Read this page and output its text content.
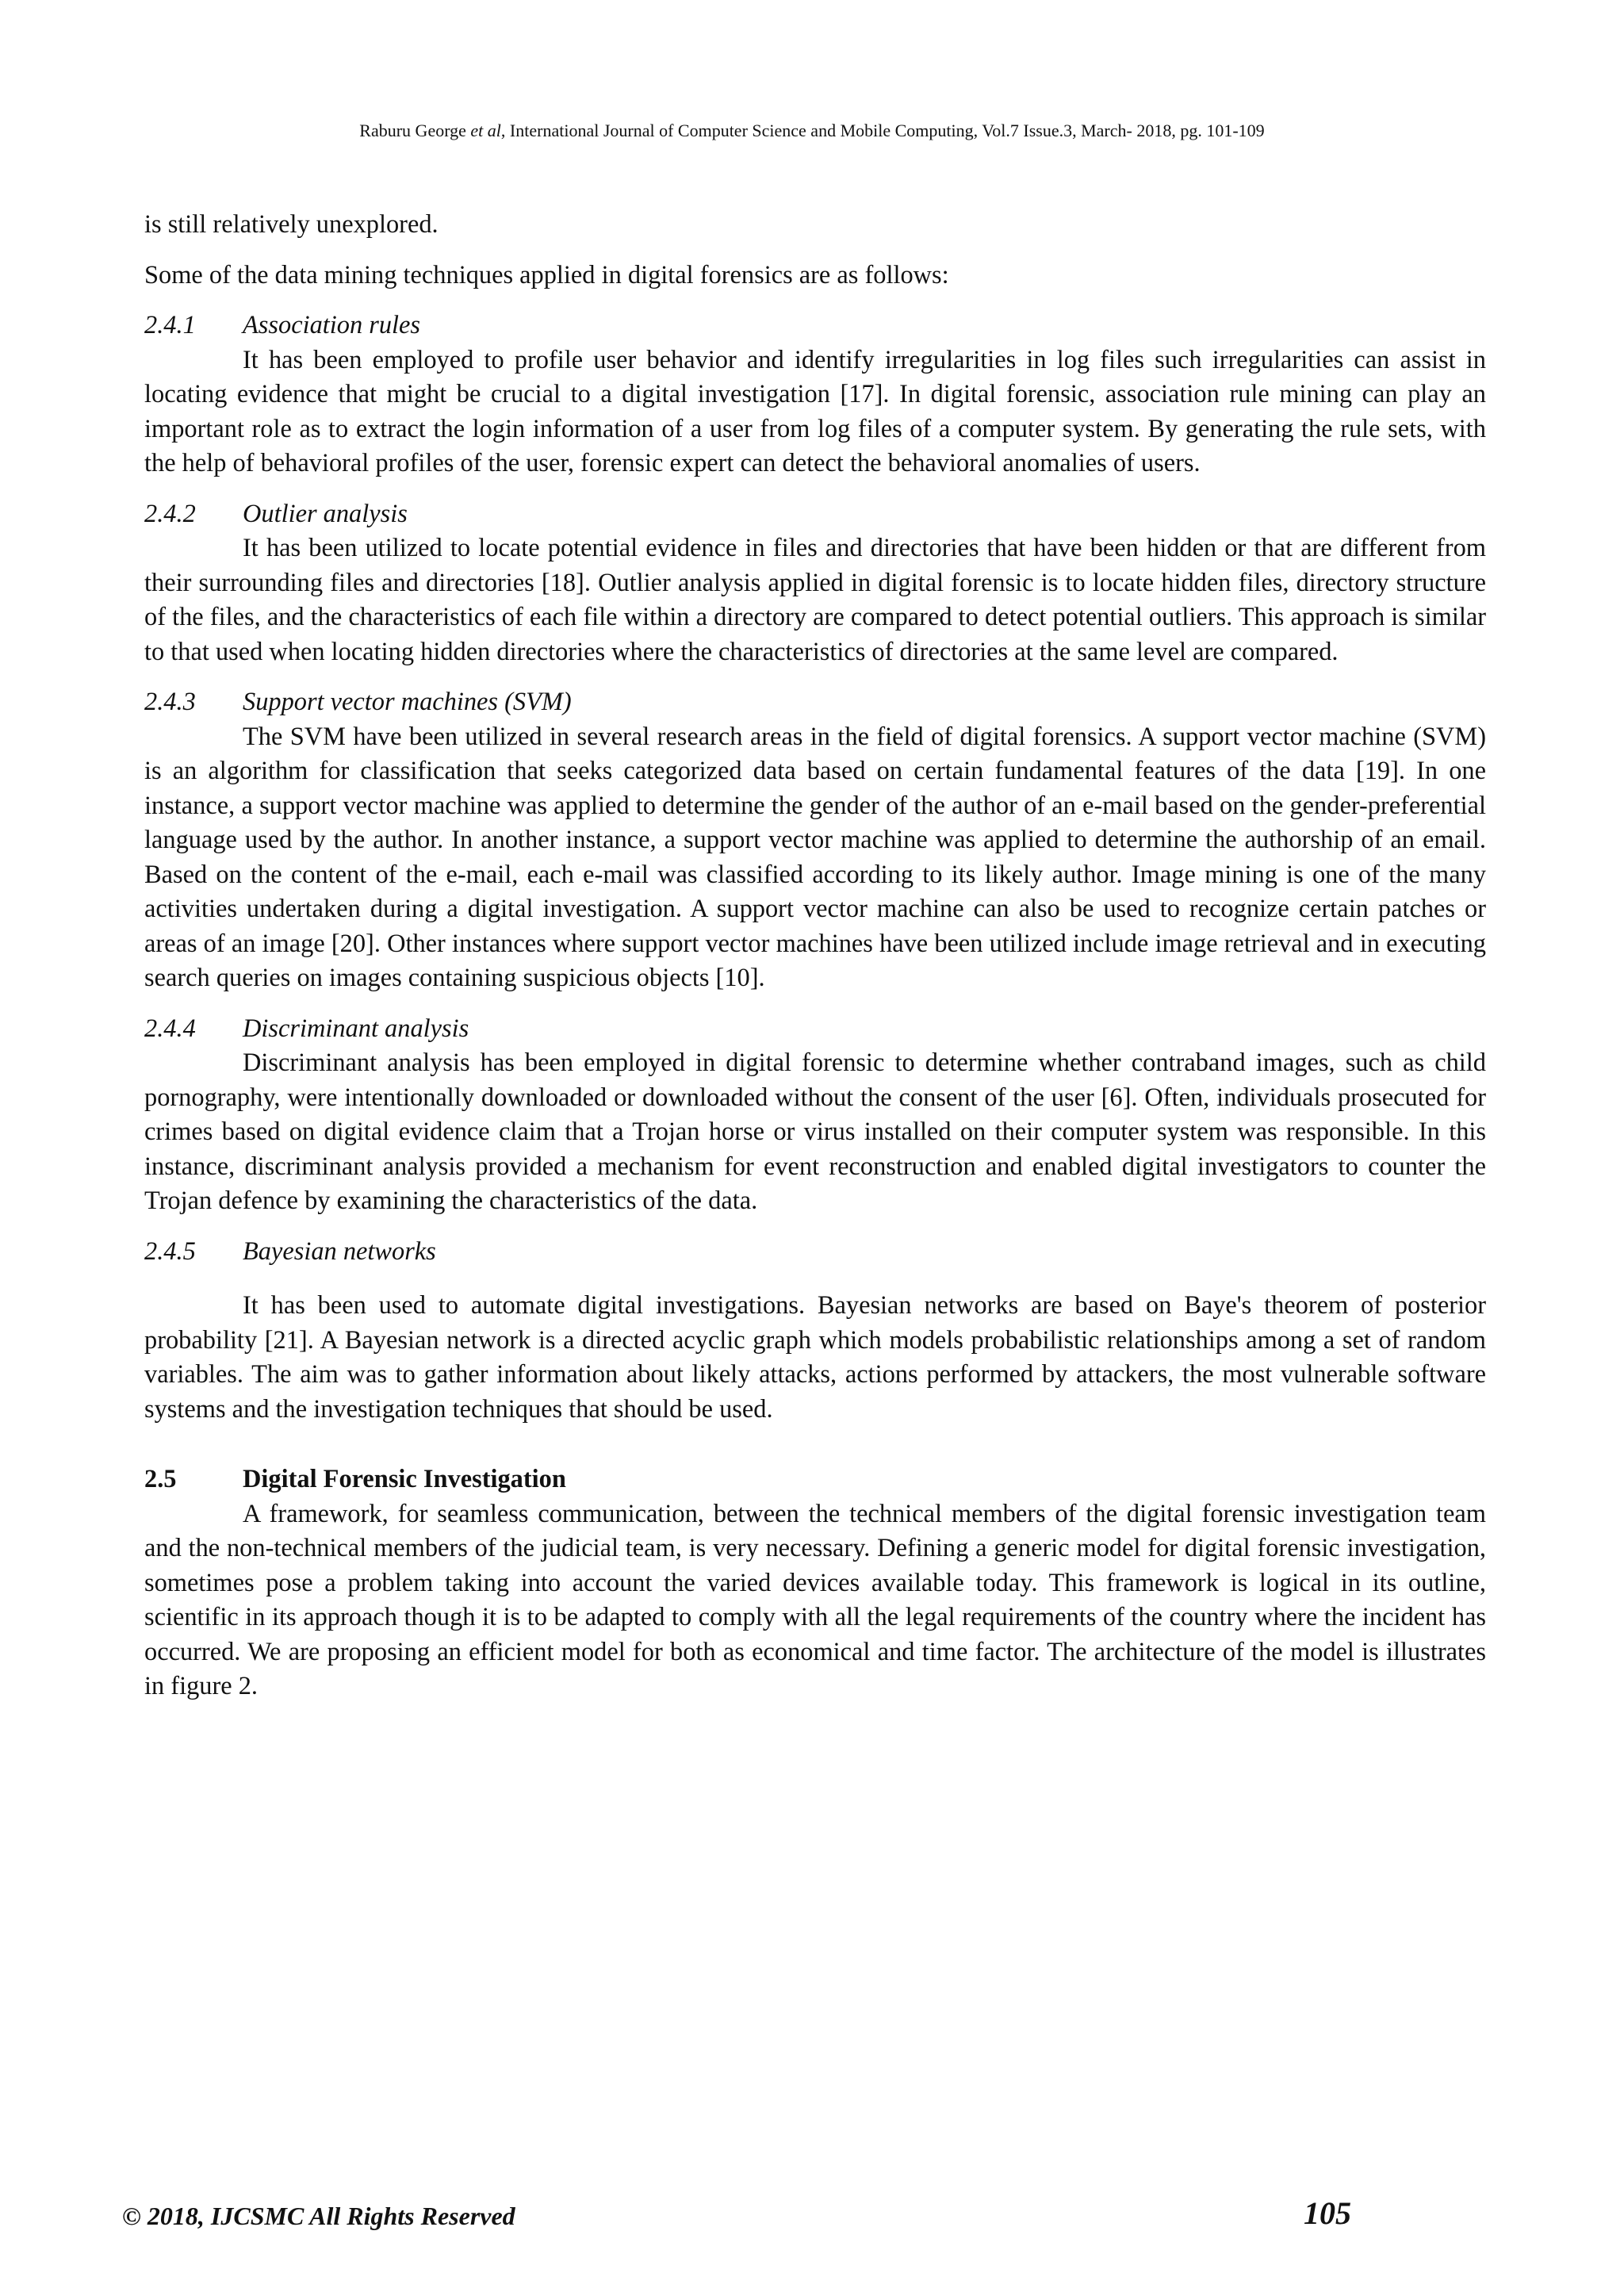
Raburu George et al, International Journal of Computer Science and Mobile Computing, Vol.7 Issue.3, March- 2018, pg. 101-109

is still relatively unexplored.

Some of the data mining techniques applied in digital forensics are as follows:

2.4.1 Association rules

It has been employed to profile user behavior and identify irregularities in log files such irregularities can assist in locating evidence that might be crucial to a digital investigation [17]. In digital forensic, association rule mining can play an important role as to extract the login information of a user from log files of a computer system. By generating the rule sets, with the help of behavioral profiles of the user, forensic expert can detect the behavioral anomalies of users.

2.4.2 Outlier analysis

It has been utilized to locate potential evidence in files and directories that have been hidden or that are different from their surrounding files and directories [18]. Outlier analysis applied in digital forensic is to locate hidden files, directory structure of the files, and the characteristics of each file within a directory are compared to detect potential outliers. This approach is similar to that used when locating hidden directories where the characteristics of directories at the same level are compared.

2.4.3 Support vector machines (SVM)

The SVM have been utilized in several research areas in the field of digital forensics. A support vector machine (SVM) is an algorithm for classification that seeks categorized data based on certain fundamental features of the data [19]. In one instance, a support vector machine was applied to determine the gender of the author of an e-mail based on the gender-preferential language used by the author. In another instance, a support vector machine was applied to determine the authorship of an email. Based on the content of the e-mail, each e-mail was classified according to its likely author. Image mining is one of the many activities undertaken during a digital investigation. A support vector machine can also be used to recognize certain patches or areas of an image [20]. Other instances where support vector machines have been utilized include image retrieval and in executing search queries on images containing suspicious objects [10].

2.4.4 Discriminant analysis

Discriminant analysis has been employed in digital forensic to determine whether contraband images, such as child pornography, were intentionally downloaded or downloaded without the consent of the user [6]. Often, individuals prosecuted for crimes based on digital evidence claim that a Trojan horse or virus installed on their computer system was responsible. In this instance, discriminant analysis provided a mechanism for event reconstruction and enabled digital investigators to counter the Trojan defence by examining the characteristics of the data.

2.4.5 Bayesian networks

It has been used to automate digital investigations. Bayesian networks are based on Baye's theorem of posterior probability [21]. A Bayesian network is a directed acyclic graph which models probabilistic relationships among a set of random variables. The aim was to gather information about likely attacks, actions performed by attackers, the most vulnerable software systems and the investigation techniques that should be used.

2.5	Digital Forensic Investigation

A framework, for seamless communication, between the technical members of the digital forensic investigation team and the non-technical members of the judicial team, is very necessary. Defining a generic model for digital forensic investigation, sometimes pose a problem taking into account the varied devices available today. This framework is logical in its outline, scientific in its approach though it is to be adapted to comply with all the legal requirements of the country where the incident has occurred. We are proposing an efficient model for both as economical and time factor. The architecture of the model is illustrates in figure 2.

© 2018, IJCSMC All Rights Reserved	105
